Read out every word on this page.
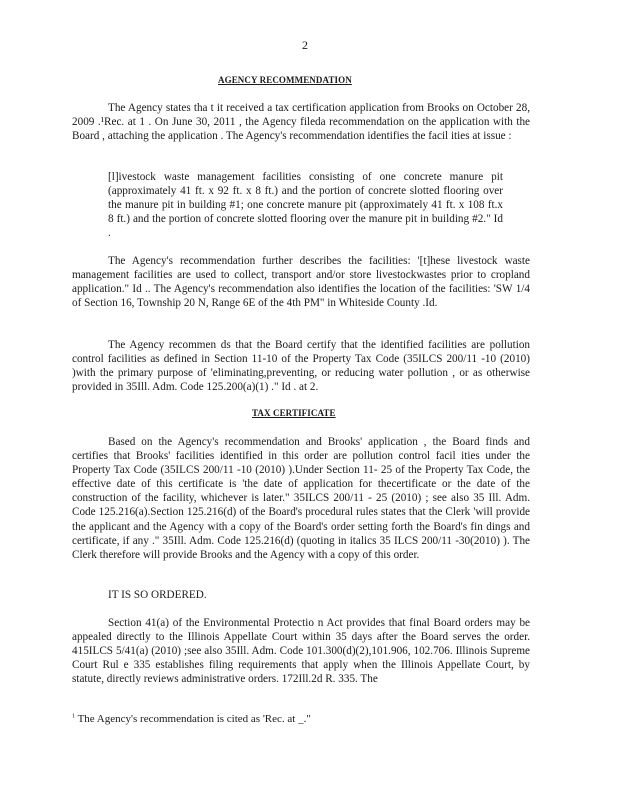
2
AGENCY RECOMMENDATION
The Agency states tha t it received a tax certification application from Brooks on October 28, 2009 .¹Rec. at 1 . On June 30, 2011 , the Agency fileda recommendation on the application with the Board , attaching the application . The Agency's recommendation identifies the facil ities at issue :
[l]ivestock waste management facilities consisting of one concrete manure pit (approximately 41 ft. x 92 ft. x 8 ft.) and the portion of concrete slotted flooring over the manure pit in building #1; one concrete manure pit (approximately 41 ft. x 108 ft.x 8 ft.) and the portion of concrete slotted flooring over the manure pit in building #2." Id .
The Agency's recommendation further describes the facilities: '[t]hese livestock waste management facilities are used to collect, transport and/or store livestockwastes prior to cropland application." Id .. The Agency's recommendation also identifies the location of the facilities: 'SW 1/4 of Section 16, Township 20 N, Range 6E of the 4th PM" in Whiteside County .Id.
The Agency recommen ds that the Board certify that the identified facilities are pollution control facilities as defined in Section 11-10 of the Property Tax Code (35ILCS 200/11 -10 (2010) )with the primary purpose of 'eliminating,preventing, or reducing water pollution , or as otherwise provided in 35Ill. Adm. Code 125.200(a)(1) ." Id . at 2.
TAX CERTIFICATE
Based on the Agency's recommendation and Brooks' application , the Board finds and certifies that Brooks' facilities identified in this order are pollution control facil ities under the Property Tax Code (35ILCS 200/11 -10 (2010) ).Under Section 11- 25 of the Property Tax Code, the effective date of this certificate is 'the date of application for thecertificate or the date of the construction of the facility, whichever is later." 35ILCS 200/11 - 25 (2010) ; see also 35 Ill. Adm. Code 125.216(a).Section 125.216(d) of the Board's procedural rules states that the Clerk 'will provide the applicant and the Agency with a copy of the Board's order setting forth the Board's fin dings and certificate, if any ." 35Ill. Adm. Code 125.216(d) (quoting in italics 35 ILCS 200/11 -30(2010) ). The Clerk therefore will provide Brooks and the Agency with a copy of this order.
IT IS SO ORDERED.
Section 41(a) of the Environmental Protectio n Act provides that final Board orders may be appealed directly to the Illinois Appellate Court within 35 days after the Board serves the order. 415ILCS 5/41(a) (2010) ;see also 35Ill. Adm. Code 101.300(d)(2),101.906, 102.706. Illinois Supreme Court Rul e 335 establishes filing requirements that apply when the Illinois Appellate Court, by statute, directly reviews administrative orders. 172Ill.2d R. 335. The
$^1$ The Agency's recommendation is cited as 'Rec. at _."
